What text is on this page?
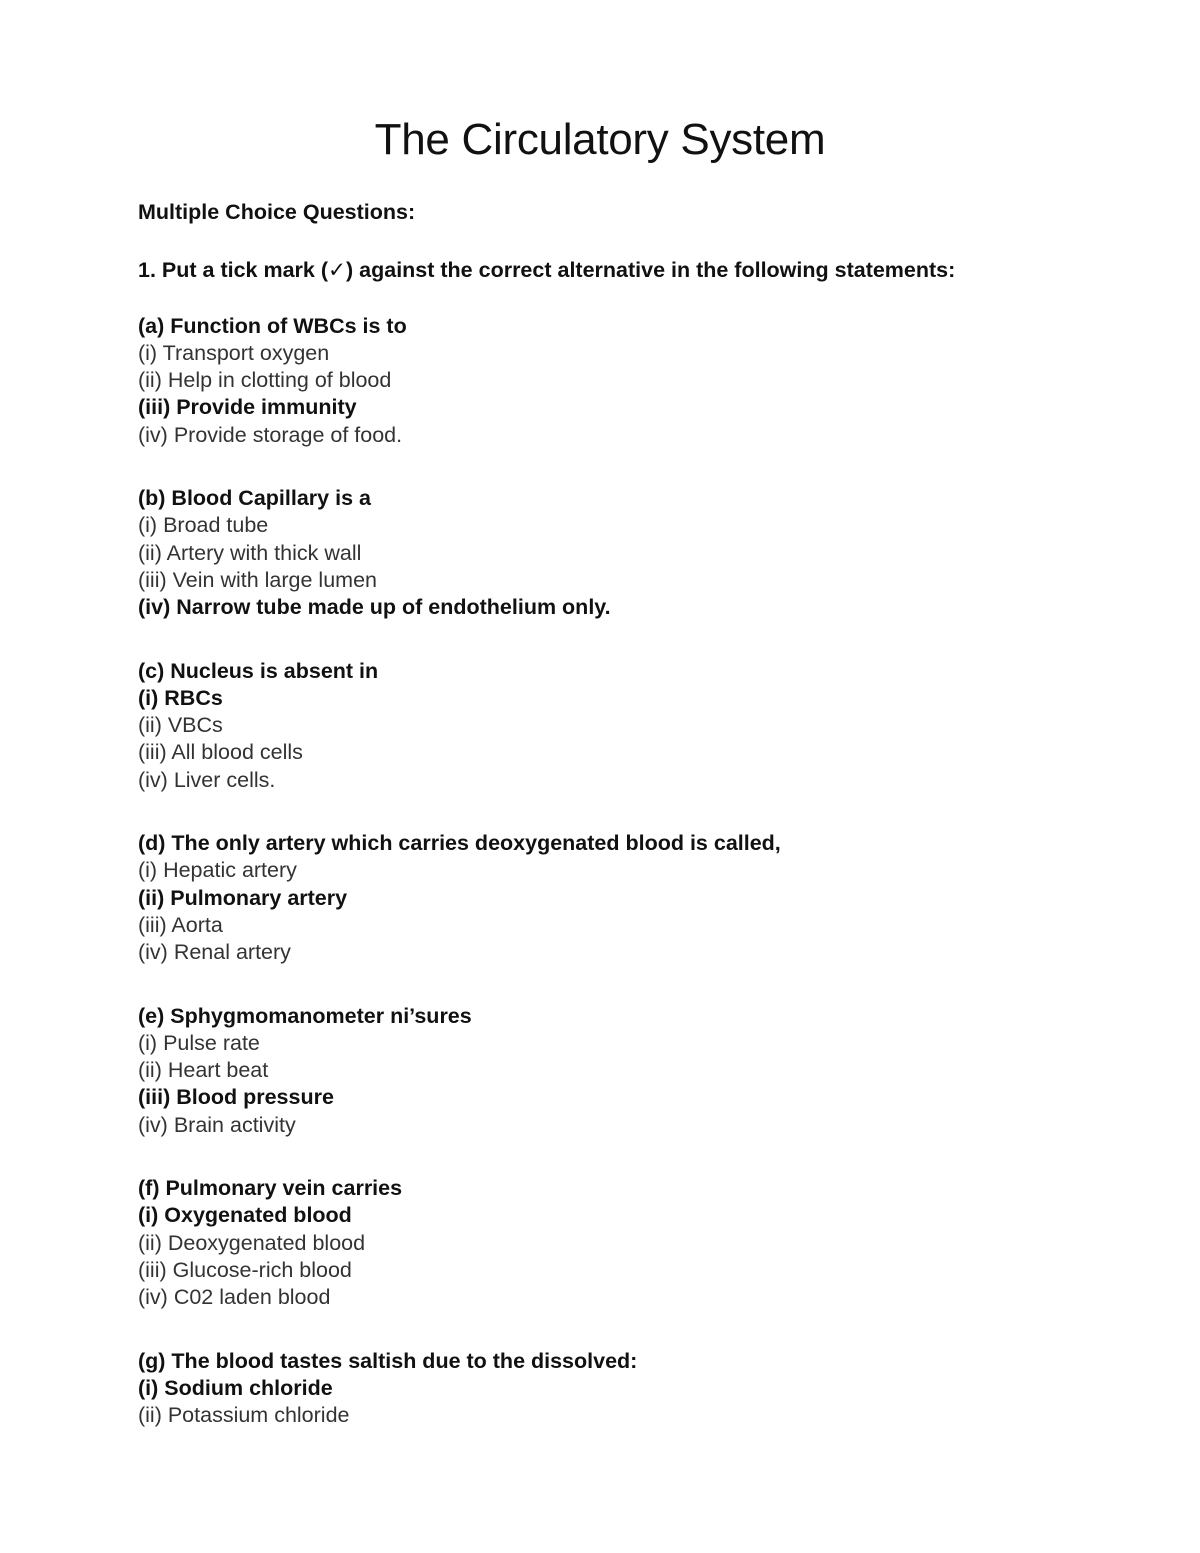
The Circulatory System

Multiple Choice Questions:

1. Put a tick mark (✓) against the correct alternative in the following statements:

(a) Function of WBCs is to

(i) Transport oxygen

(ii) Help in clotting of blood

(iii) Provide immunity

(iv) Provide storage of food.

(b) Blood Capillary is a

(i) Broad tube

(ii) Artery with thick wall

(iii) Vein with large lumen

(iv) Narrow tube made up of endothelium only.

(c) Nucleus is absent in

(i) RBCs

(ii) VBCs

(iii) All blood cells

(iv) Liver cells.

(d) The only artery which carries deoxygenated blood is called,

(i) Hepatic artery

(ii) Pulmonary artery

(iii) Aorta

(iv) Renal artery

(e) Sphygmomanometer ni’sures

(i) Pulse rate

(ii) Heart beat

(iii) Blood pressure

(iv) Brain activity

(f) Pulmonary vein carries

(i) Oxygenated blood

(ii) Deoxygenated blood

(iii) Glucose-rich blood

(iv) C02 laden blood

(g) The blood tastes saltish due to the dissolved:

(i) Sodium chloride

(ii) Potassium chloride
